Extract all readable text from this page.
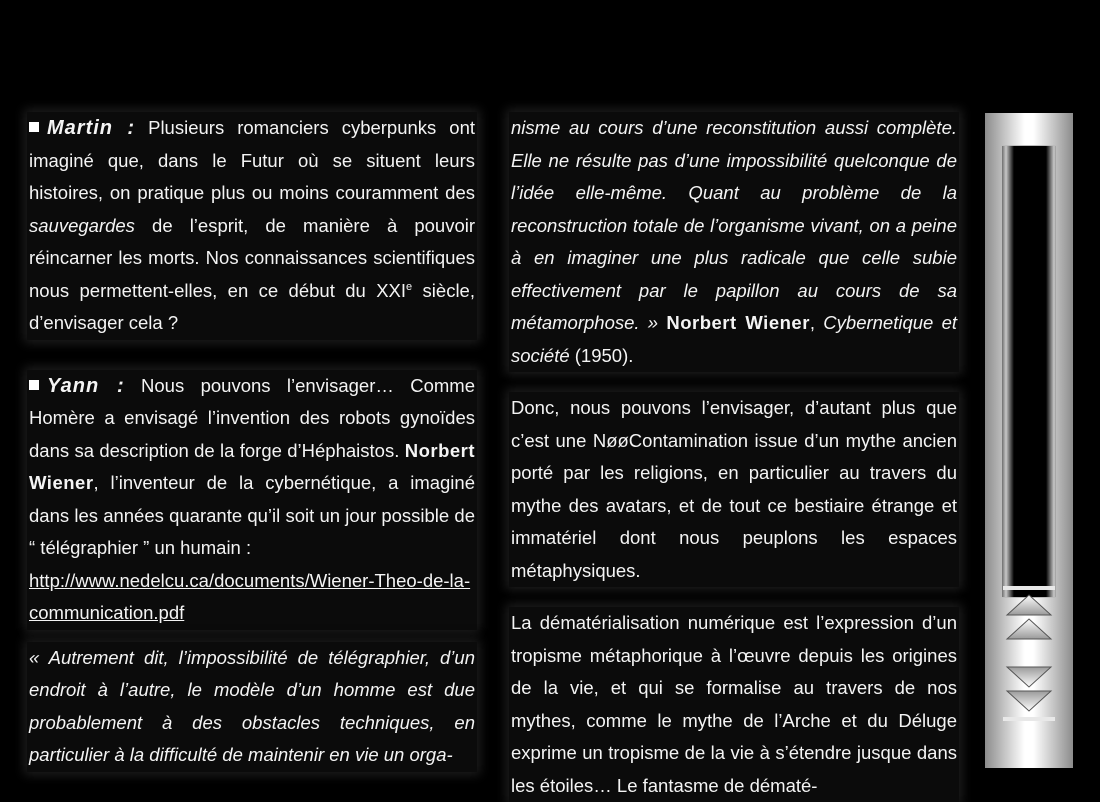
Martin : Plusieurs romanciers cyberpunks ont imaginé que, dans le Futur où se situent leurs histoires, on pratique plus ou moins couramment des sauvegardes de l’esprit, de manière à pouvoir réincarner les morts. Nos connaissances scientifiques nous permettent-elles, en ce début du XXIe siècle, d’envisager cela ?

Yann : Nous pouvons l’envisager… Comme Homère a envisagé l’invention des robots gynoïdes dans sa description de la forge d’Héphaistos. Norbert Wiener, l’inventeur de la cybernétique, a imaginé dans les années quarante qu’il soit un jour possible de “ télégraphier ” un humain :

http://www.nedelcu.ca/documents/Wiener-Theo-de-la-communication.pdf

« Autrement dit, l’impossibilité de télégraphier, d’un endroit à l’autre, le modèle d’un homme est due probablement à des obstacles techniques, en particulier à la difficulté de maintenir en vie un orga-

nisme au cours d’une reconstitution aussi complète. Elle ne résulte pas d’une impossibilité quelconque de l’idée elle-même. Quant au problème de la reconstruction totale de l’organisme vivant, on a peine à en imaginer une plus radicale que celle subie effectivement par le papillon au cours de sa métamorphose. » Norbert Wiener, Cybernetique et société (1950).

Donc, nous pouvons l’envisager, d’autant plus que c’est une NøøContamination issue d’un mythe ancien porté par les religions, en particulier au travers du mythe des avatars, et de tout ce bestiaire étrange et immatériel dont nous peuplons les espaces métaphysiques.

La dématérialisation numérique est l’expression d’un tropisme métaphorique à l’œuvre depuis les origines de la vie, et qui se formalise au travers de nos mythes, comme le mythe de l’Arche et du Déluge exprime un tropisme de la vie à s’étendre jusque dans les étoiles… Le fantasme de dématé-
